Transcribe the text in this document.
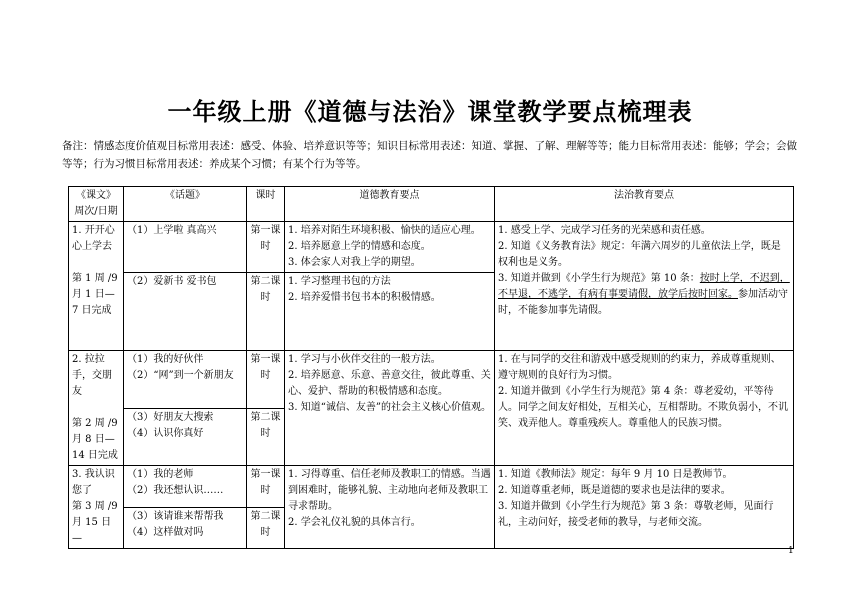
一年级上册《道德与法治》课堂教学要点梳理表
备注：情感态度价值观目标常用表述：感受、体验、培养意识等等；知识目标常用表述：知道、掌握、了解、理解等等；能力目标常用表述：能够；学会；会做等等；行为习惯目标常用表述：养成某个习惯；有某个行为等等。
《课文》
周次/日期	《话题》	课时	道德教育要点	法治教育要点

1. 开开心心上学去
第 1 周 /9 月 1 日—7 日完成	（1）上学啦 真高兴	第一课时	1. 培养对陌生环境积极、愉快的适应心理。
2. 培养愿意上学的情感和态度。
3. 体会家人对我上学的期望。	1. 感受上学、完成学习任务的光荣感和责任感。
2. 知道《义务教育法》规定：年满六周岁的儿童依法上学，既是权利也是义务。
3. 知道并做到《小学生行为规范》第 10 条：按时上学，不迟到，不早退，不逃学，有病有事要请假，放学后按时回家。参加活动守时，不能参加事先请假。

	（2）爱新书 爱书包	第二课时	1. 学习整理书包的方法
2. 培养爱惜书包书本的积极情感。	

2. 拉拉手，交朋友
第 2 周 /9 月 8 日—14 日完成	（1）我的好伙伴
（2）“网”到一个新朋友	第一课时	1. 学习与小伙伴交往的一般方法。
2. 培养愿意、乐意、善意交往，彼此尊重、关心、爱护、帮助的积极情感和态度。
3. 知道“诚信、友善”的社会主义核心价值观。	1. 在与同学的交往和游戏中感受规则的约束力，养成尊重规则、遵守规则的良好行为习惯。
2. 知道并做到《小学生行为规范》第 4 条：尊老爱幼，平等待人。同学之间友好相处，互相关心，互相帮助。不欺负弱小，不讥笑、戏弄他人。尊重残疾人。尊重他人的民族习惯。

	（3）好朋友大搜索
（4）认识你真好	第二课时		

3. 我认识您了
第 3 周 /9 月 15 日—	（1）我的老师
（2）我还想认识……	第一课时	1. 习得尊重、信任老师及教职工的情感。当遇到困难时，能够礼貌、主动地向老师及教职工寻求帮助。
2. 学会礼仪礼貌的具体言行。	1. 知道《教师法》规定：每年 9 月 10 日是教师节。
2. 知道尊重老师，既是道德的要求也是法律的要求。
3. 知道并做到《小学生行为规范》第 3 条：尊敬老师，见面行礼，主动问好，接受老师的教导，与老师交流。

	（3）该请谁来帮帮我
（4）这样做对吗	第二课时		
1
